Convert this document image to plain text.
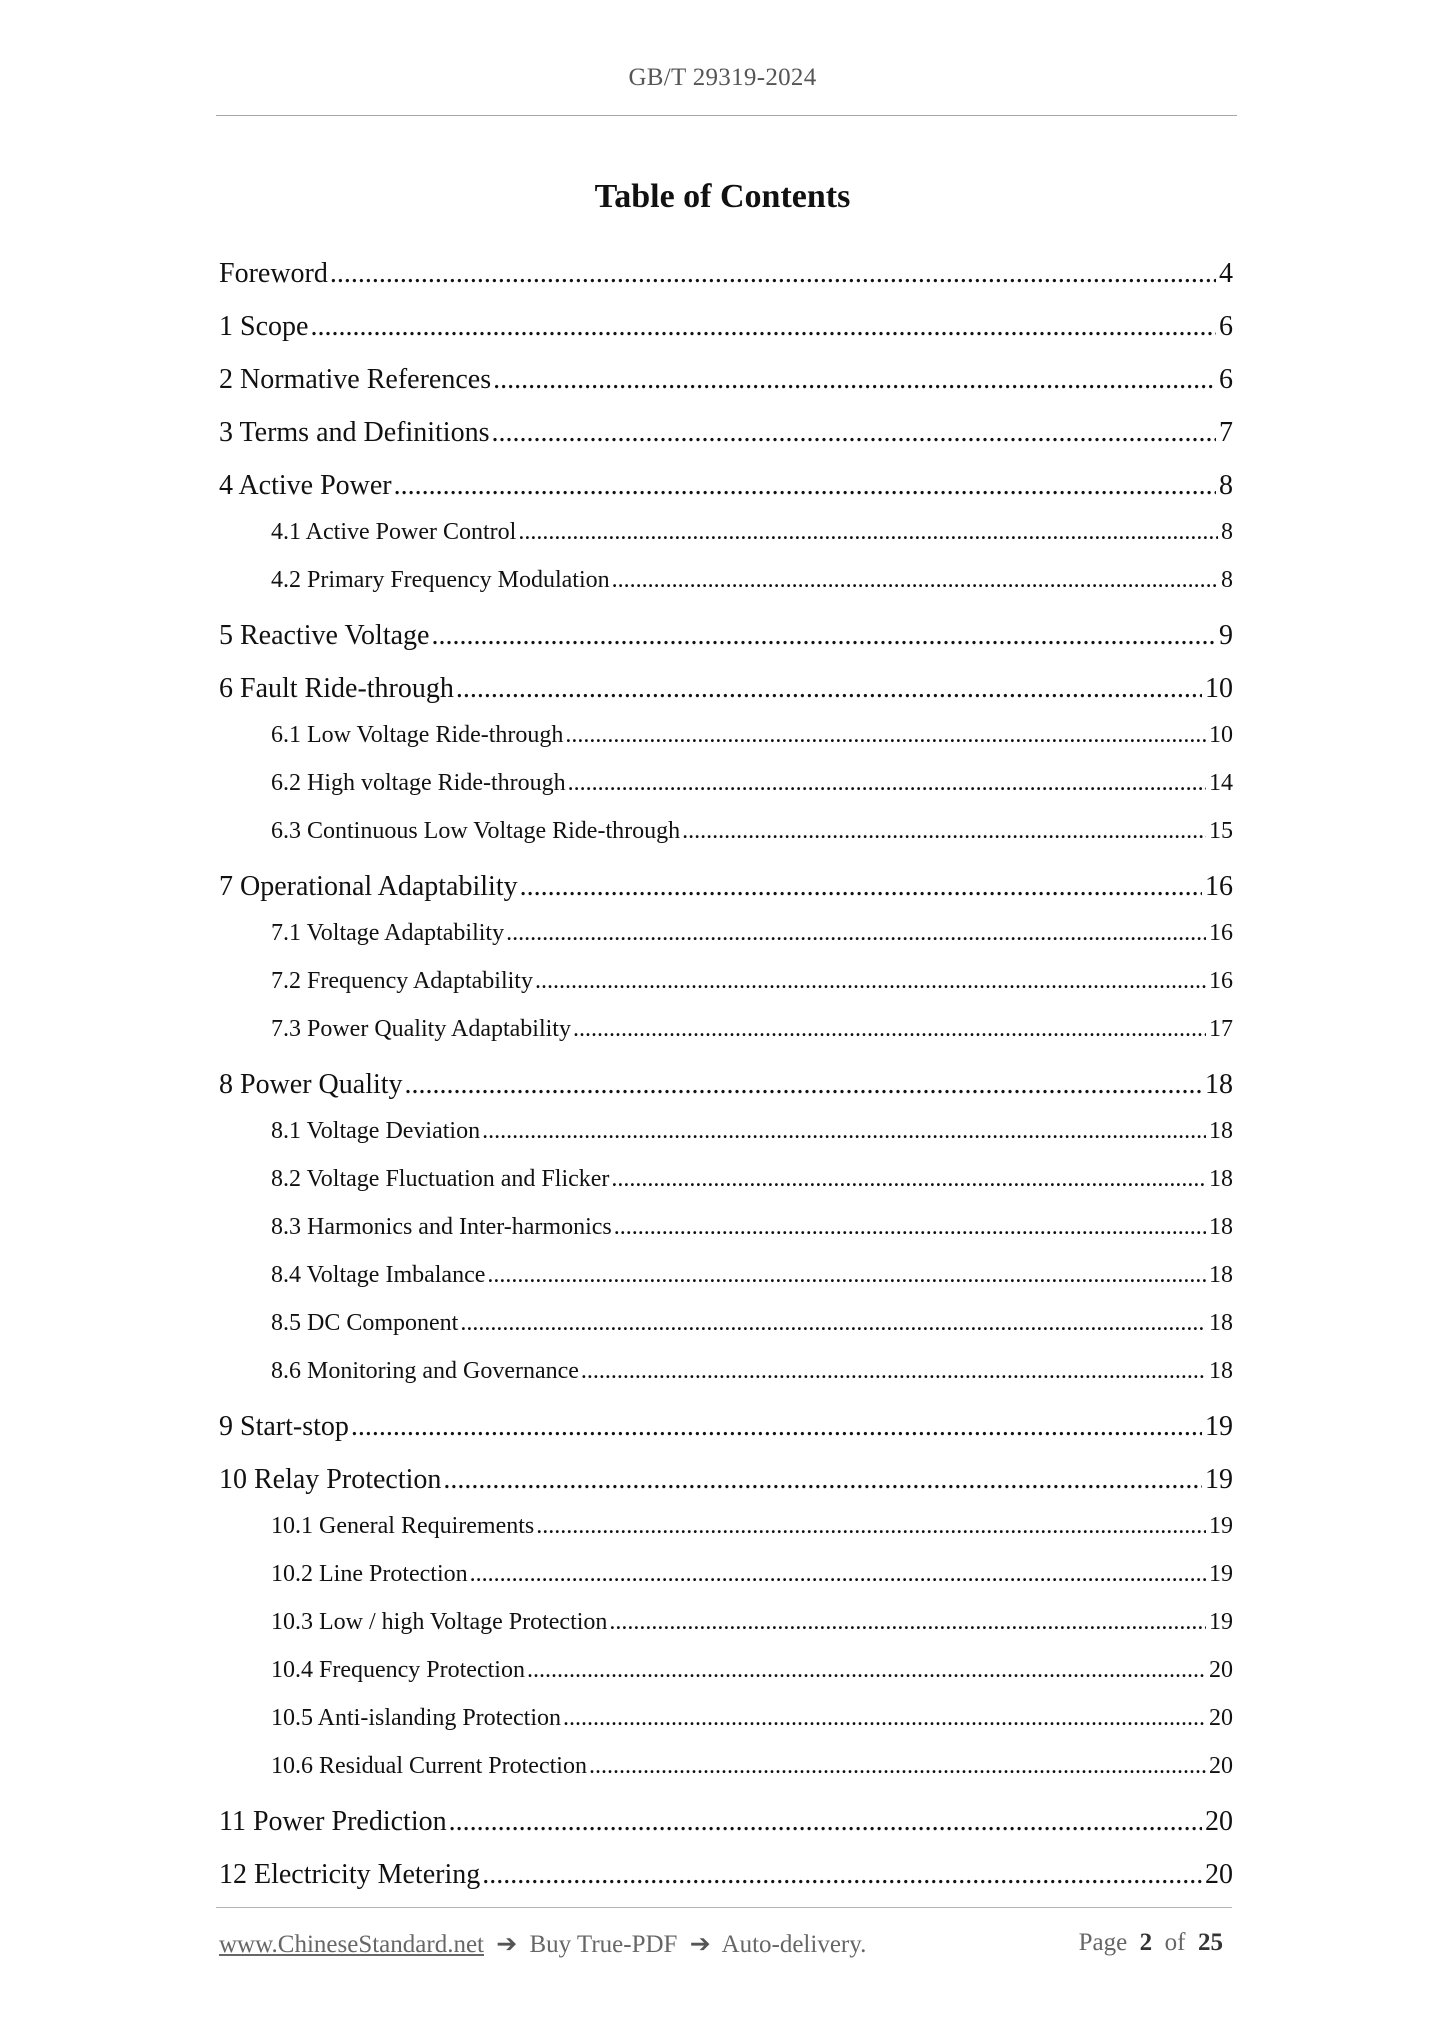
GB/T 29319-2024
Table of Contents
Foreword .....	4
1 Scope .....	6
2 Normative References .....	6
3 Terms and Definitions .....	7
4 Active Power .....	8
4.1 Active Power Control .....	8
4.2 Primary Frequency Modulation .....	8
5 Reactive Voltage .....	9
6 Fault Ride-through .....	10
6.1 Low Voltage Ride-through .....	10
6.2 High voltage Ride-through .....	14
6.3 Continuous Low Voltage Ride-through .....	15
7 Operational Adaptability .....	16
7.1 Voltage Adaptability .....	16
7.2 Frequency Adaptability .....	16
7.3 Power Quality Adaptability .....	17
8 Power Quality .....	18
8.1 Voltage Deviation .....	18
8.2 Voltage Fluctuation and Flicker .....	18
8.3 Harmonics and Inter-harmonics .....	18
8.4 Voltage Imbalance .....	18
8.5 DC Component .....	18
8.6 Monitoring and Governance .....	18
9 Start-stop .....	19
10 Relay Protection .....	19
10.1 General Requirements .....	19
10.2 Line Protection .....	19
10.3 Low / high Voltage Protection .....	19
10.4 Frequency Protection .....	20
10.5 Anti-islanding Protection .....	20
10.6 Residual Current Protection .....	20
11 Power Prediction .....	20
12 Electricity Metering .....	20
www.ChineseStandard.net ➔ Buy True-PDF ➔ Auto-delivery.	Page 2 of 25
